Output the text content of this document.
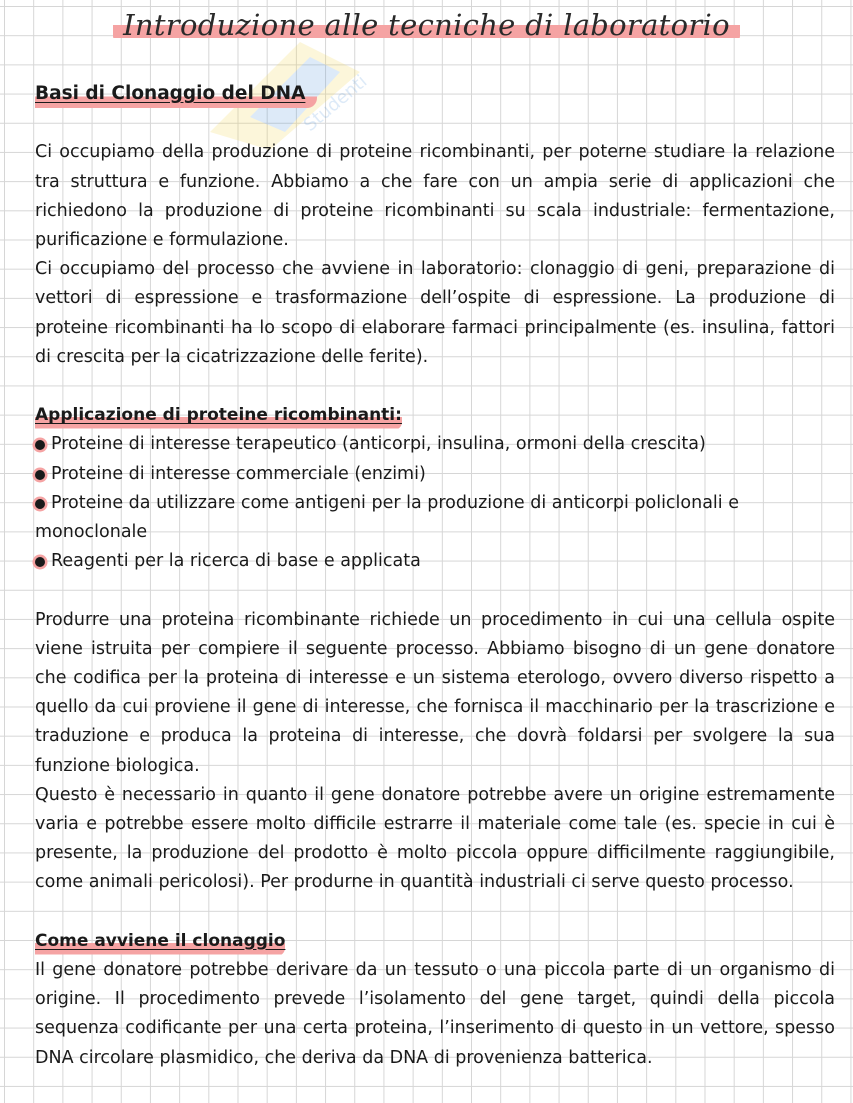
Studenti
Introduzione alle tecniche di laboratorio
Basi di Clonaggio del DNA

Ci occupiamo della produzione di proteine ricombinanti, per poterne studiare la relazione tra struttura e funzione. Abbiamo a che fare con un ampia serie di applicazioni che richiedono la produzione di proteine ricombinanti su scala industriale: fermentazione, purificazione e formulazione.

Ci occupiamo del processo che avviene in laboratorio: clonaggio di geni, preparazione di vettori di espressione e trasformazione dell’ospite di espressione. La produzione di proteine ricombinanti ha lo scopo di elaborare farmaci principalmente (es. insulina, fattori di crescita per la cicatrizzazione delle ferite).

Applicazione di proteine ricombinanti:
Proteine di interesse terapeutico (anticorpi, insulina, ormoni della crescita)
Proteine di interesse commerciale (enzimi)
Proteine da utilizzare come antigeni per la produzione di anticorpi policlonali e monoclonale
Reagenti per la ricerca di base e applicata

Produrre una proteina ricombinante richiede un procedimento in cui una cellula ospite viene istruita per compiere il seguente processo. Abbiamo bisogno di un gene donatore che codifica per la proteina di interesse e un sistema eterologo, ovvero diverso rispetto a quello da cui proviene il gene di interesse, che fornisca il macchinario per la trascrizione e traduzione e produca la proteina di interesse, che dovrà foldarsi per svolgere la sua funzione biologica.

Questo è necessario in quanto il gene donatore potrebbe avere un origine estremamente varia e potrebbe essere molto difficile estrarre il materiale come tale (es. specie in cui è presente, la produzione del prodotto è molto piccola oppure difficilmente raggiungibile, come animali pericolosi). Per produrne in quantità industriali ci serve questo processo.

Come avviene il clonaggio

Il gene donatore potrebbe derivare da un tessuto o una piccola parte di un organismo di origine. Il procedimento prevede l’isolamento del gene target, quindi della piccola sequenza codificante per una certa proteina, l’inserimento di questo in un vettore, spesso DNA circolare plasmidico, che deriva da DNA di provenienza batterica.
